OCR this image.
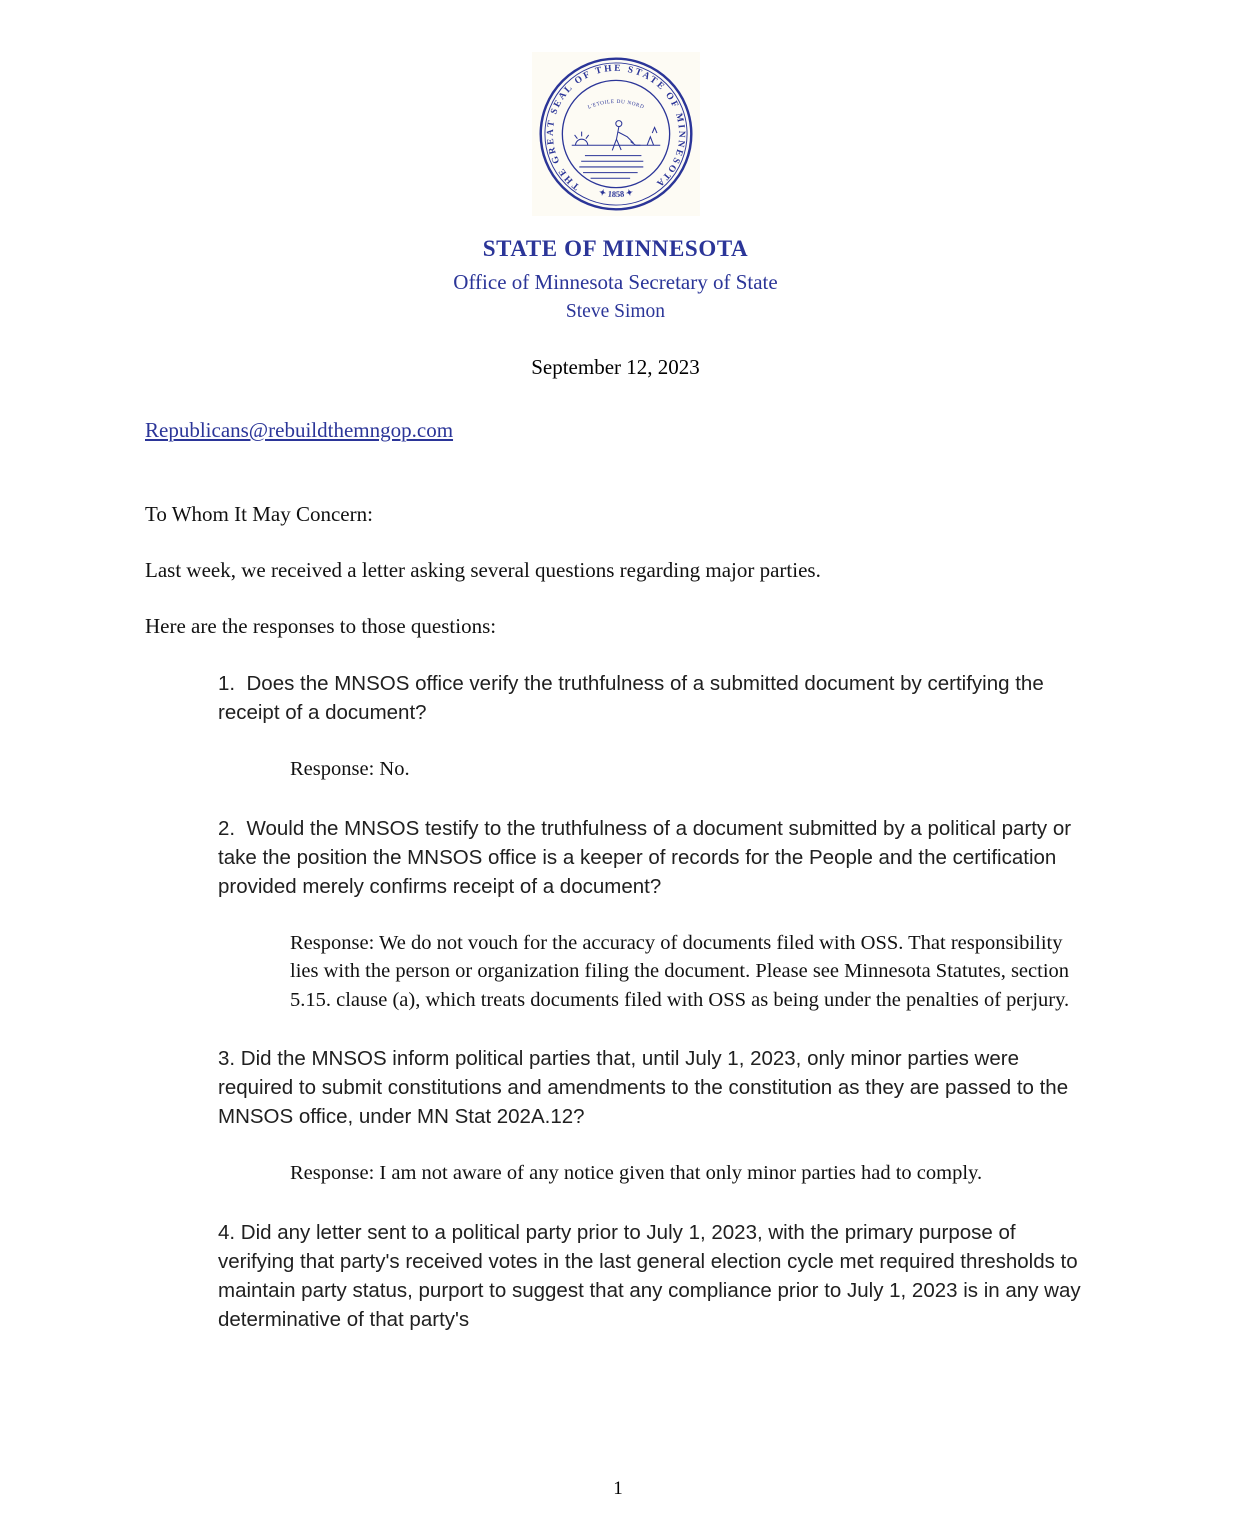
THE GREAT SEAL OF THE STATE OF MINNESOTA
✦ 1858 ✦
L'ETOILE DU NORD
STATE OF MINNESOTA
Office of Minnesota Secretary of State
Steve Simon
September 12, 2023
Republicans@rebuildthemngop.com

To Whom It May Concern:

Last week, we received a letter asking several questions regarding major parties.

Here are the responses to those questions:

1.  Does the MNSOS office verify the truthfulness of a submitted document by certifying the receipt of a document?

Response: No.

2.  Would the MNSOS testify to the truthfulness of a document submitted by a political party or take the position the MNSOS office is a keeper of records for the People and the certification provided merely confirms receipt of a document?

Response: We do not vouch for the accuracy of documents filed with OSS. That responsibility lies with the person or organization filing the document. Please see Minnesota Statutes, section 5.15. clause (a), which treats documents filed with OSS as being under the penalties of perjury.

3. Did the MNSOS inform political parties that, until July 1, 2023, only minor parties were required to submit constitutions and amendments to the constitution as they are passed to the MNSOS office, under MN Stat 202A.12?

Response: I am not aware of any notice given that only minor parties had to comply.

4. Did any letter sent to a political party prior to July 1, 2023, with the primary purpose of verifying that party's received votes in the last general election cycle met required thresholds to maintain party status, purport to suggest that any compliance prior to July 1, 2023 is in any way determinative of that party's

1
